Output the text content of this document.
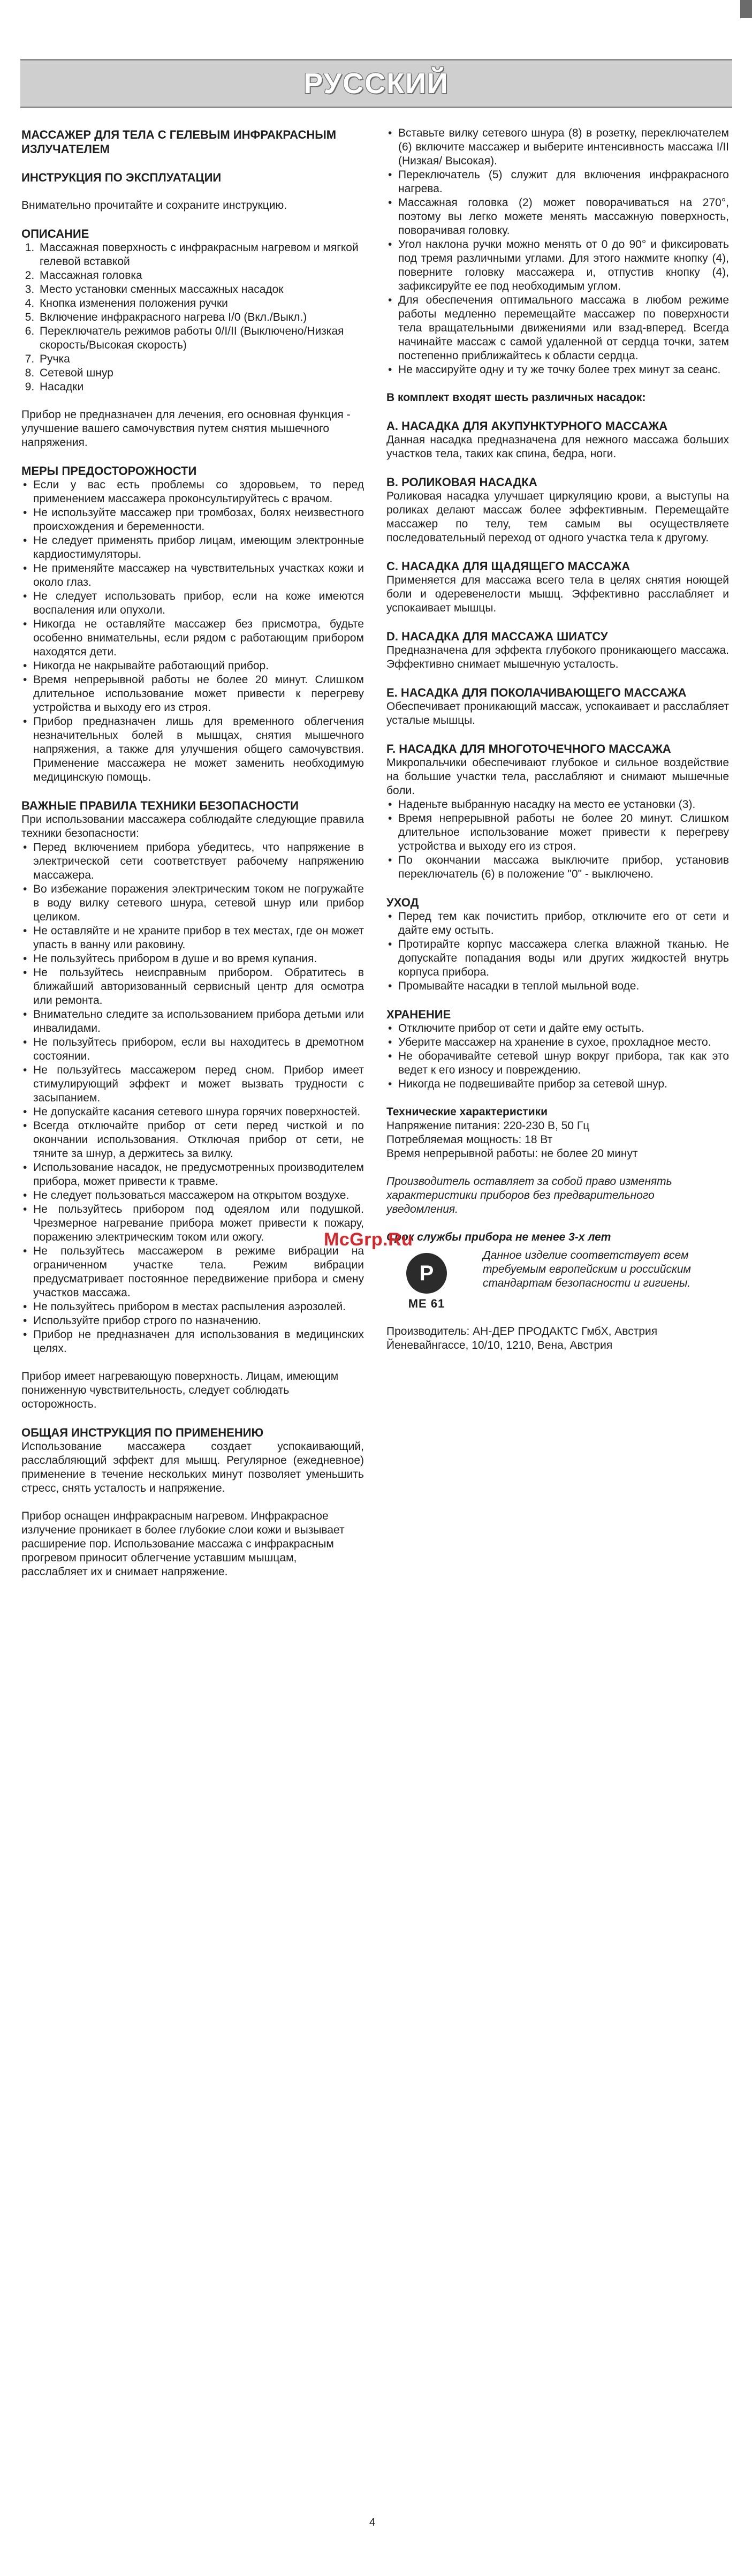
РУССКИЙ

МАССАЖЕР ДЛЯ ТЕЛА С ГЕЛЕВЫМ ИНФРАКРАСНЫМ ИЗЛУЧАТЕЛЕМ

ИНСТРУКЦИЯ ПО ЭКСПЛУАТАЦИИ

Внимательно прочитайте и сохраните инструкцию.

ОПИСАНИЕ

1. Массажная поверхность с инфракрасным нагревом и мягкой гелевой вставкой
2. Массажная головка
3. Место установки сменных массажных насадок
4. Кнопка изменения положения ручки
5. Включение инфракрасного нагрева I/0 (Вкл./Выкл.)
6. Переключатель режимов работы 0/I/II (Выключено/Низкая скорость/Высокая скорость)
7. Ручка
8. Сетевой шнур
9. Насадки

Прибор не предназначен для лечения, его основная функция - улучшение вашего самочувствия путем снятия мышечного напряжения.

МЕРЫ ПРЕДОСТОРОЖНОСТИ

• Если у вас есть проблемы со здоровьем, то перед применением массажера проконсультируйтесь с врачом.
• Не используйте массажер при тромбозах, болях неизвестного происхождения и беременности.
• Не следует применять прибор лицам, имеющим электронные кардиостимуляторы.
• Не применяйте массажер на чувствительных участках кожи и около глаз.
• Не следует использовать прибор, если на коже имеются воспаления или опухоли.
• Никогда не оставляйте массажер без присмотра, будьте особенно внимательны, если рядом с работающим прибором находятся дети.
• Никогда не накрывайте работающий прибор.
• Время непрерывной работы не более 20 минут. Слишком длительное использование может привести к перегреву устройства и выходу его из строя.
• Прибор предназначен лишь для временного облегчения незначительных болей в мышцах, снятия мышечного напряжения, а также для улучшения общего самочувствия. Применение массажера не может заменить необходимую медицинскую помощь.

ВАЖНЫЕ ПРАВИЛА ТЕХНИКИ БЕЗОПАСНОСТИ

При использовании массажера соблюдайте следующие правила техники безопасности:

• Перед включением прибора убедитесь, что напряжение в электрической сети соответствует рабочему напряжению массажера.
• Во избежание поражения электрическим током не погружайте в воду вилку сетевого шнура, сетевой шнур или прибор целиком.
• Не оставляйте и не храните прибор в тех местах, где он может упасть в ванну или раковину.
• Не пользуйтесь прибором в душе и во время купания.
• Не пользуйтесь неисправным прибором. Обратитесь в ближайший авторизованный сервисный центр для осмотра или ремонта.
• Внимательно следите за использованием прибора детьми или инвалидами.
• Не пользуйтесь прибором, если вы находитесь в дремотном состоянии.
• Не пользуйтесь массажером перед сном. Прибор имеет стимулирующий эффект и может вызвать трудности с засыпанием.
• Не допускайте касания сетевого шнура горячих поверхностей.
• Всегда отключайте прибор от сети перед чисткой и по окончании использования. Отключая прибор от сети, не тяните за шнур, а держитесь за вилку.
• Использование насадок, не предусмотренных производителем прибора, может привести к травме.
• Не следует пользоваться массажером на открытом воздухе.
• Не пользуйтесь прибором под одеялом или подушкой. Чрезмерное нагревание прибора может привести к пожару, поражению электрическим током или ожогу.
• Не пользуйтесь массажером в режиме вибрации на ограниченном участке тела. Режим вибрации предусматривает постоянное передвижение прибора и смену участков массажа.
• Не пользуйтесь прибором в местах распыления аэрозолей.
• Используйте прибор строго по назначению.
• Прибор не предназначен для использования в медицинских целях.

Прибор имеет нагревающую поверхность. Лицам, имеющим пониженную чувствительность, следует соблюдать осторожность.

ОБЩАЯ ИНСТРУКЦИЯ ПО ПРИМЕНЕНИЮ

Использование массажера создает успокаивающий, расслабляющий эффект для мышц. Регулярное (ежедневное) применение в течение нескольких минут позволяет уменьшить стресс, снять усталость и напряжение.

Прибор оснащен инфракрасным нагревом. Инфракрасное излучение проникает в более глубокие слои кожи и вызывает расширение пор. Использование массажа с инфракрасным прогревом приносит облегчение уставшим мышцам, расслабляет их и снимает напряжение.

• Вставьте вилку сетевого шнура (8) в розетку, переключателем (6) включите массажер и выберите интенсивность массажа I/II (Низкая/ Высокая).
• Переключатель (5) служит для включения инфракрасного нагрева.
• Массажная головка (2) может поворачиваться на 270°, поэтому вы легко можете менять массажную поверхность, поворачивая головку.
• Угол наклона ручки можно менять от 0 до 90° и фиксировать под тремя различными углами. Для этого нажмите кнопку (4), поверните головку массажера и, отпустив кнопку (4), зафиксируйте ее под необходимым углом.
• Для обеспечения оптимального массажа в любом режиме работы медленно перемещайте массажер по поверхности тела вращательными движениями или взад-вперед. Всегда начинайте массаж с самой удаленной от сердца точки, затем постепенно приближайтесь к области сердца.
• Не массируйте одну и ту же точку более трех минут за сеанс.

В комплект входят шесть различных насадок:

А. НАСАДКА ДЛЯ АКУПУНКТУРНОГО МАССАЖА

Данная насадка предназначена для нежного массажа больших участков тела, таких как спина, бедра, ноги.

В. РОЛИКОВАЯ НАСАДКА

Роликовая насадка улучшает циркуляцию крови, а выступы на роликах делают массаж более эффективным. Перемещайте массажер по телу, тем самым вы осуществляете последовательный переход от одного участка тела к другому.

С. НАСАДКА ДЛЯ ЩАДЯЩЕГО МАССАЖА

Применяется для массажа всего тела в целях снятия ноющей боли и одеревенелости мышц. Эффективно расслабляет и успокаивает мышцы.

D. НАСАДКА ДЛЯ МАССАЖА ШИАТСУ

Предназначена для эффекта глубокого проникающего массажа. Эффективно снимает мышечную усталость.

E. НАСАДКА ДЛЯ ПОКОЛАЧИВАЮЩЕГО МАССАЖА

Обеспечивает проникающий массаж, успокаивает и расслабляет усталые мышцы.

F. НАСАДКА ДЛЯ МНОГОТОЧЕЧНОГО МАССАЖА

Микропальчики обеспечивают глубокое и сильное воздействие на большие участки тела, расслабляют и снимают мышечные боли.

• Наденьте выбранную насадку на место ее установки (3).
• Время непрерывной работы не более 20 минут. Слишком длительное использование может привести к перегреву устройства и выходу его из строя.
• По окончании массажа выключите прибор, установив переключатель (6) в положение "0" - выключено.

УХОД

• Перед тем как почистить прибор, отключите его от сети и дайте ему остыть.
• Протирайте корпус массажера слегка влажной тканью. Не допускайте попадания воды или других жидкостей внутрь корпуса прибора.
• Промывайте насадки в теплой мыльной воде.

ХРАНЕНИЕ

• Отключите прибор от сети и дайте ему остыть.
• Уберите массажер на хранение в сухое, прохладное место.
• Не оборачивайте сетевой шнур вокруг прибора, так как это ведет к его износу и повреждению.
• Никогда не подвешивайте прибор за сетевой шнур.

Технические характеристики

Напряжение питания: 220-230 В, 50 Гц

Потребляемая мощность: 18 Вт

Время непрерывной работы: не более 20 минут

Производитель оставляет за собой право изменять характеристики приборов без предварительного уведомления.

Срок службы прибора не менее 3-х лет

Р
МЕ 61

Данное изделие соответствует всем требуемым европейским и российским стандартам безопасности и гигиены.

Производитель: АН-ДЕР ПРОДАКТС ГмбХ, Австрия Йеневайнгассе, 10/10, 1210, Вена, Австрия

McGrp.Ru
4
